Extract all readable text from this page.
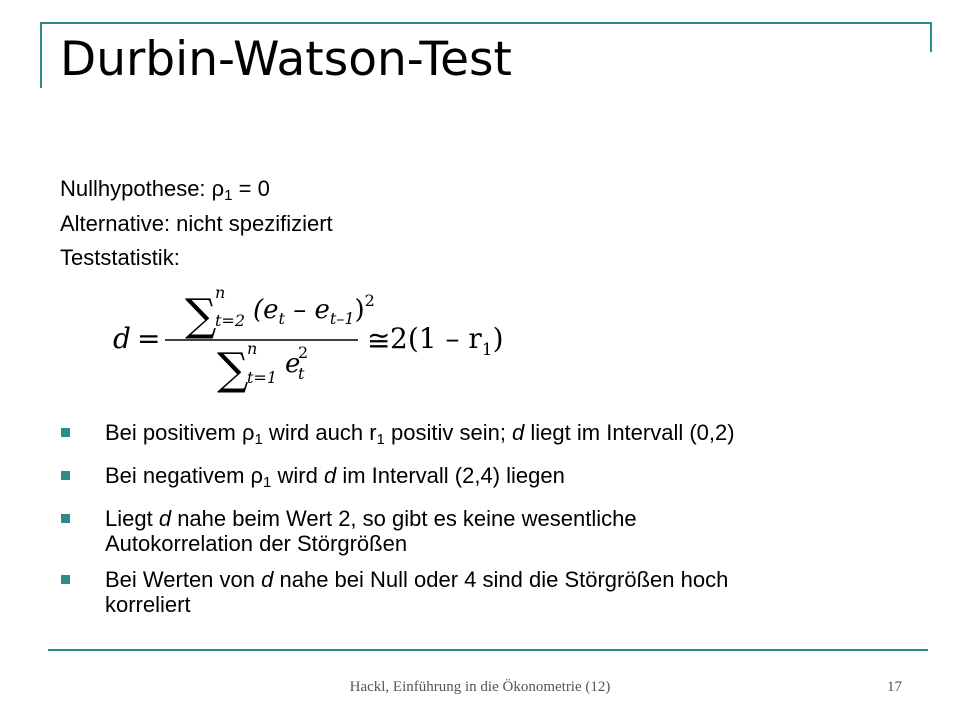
Durbin-Watson-Test
Nullhypothese: $\rho_1 = 0$
Alternative: nicht spezifiziert
Teststatistik:
d = ∑
n
t=2 $(e_t - e_{t-1})^2$
∑
n
t=1 e
2
t
≅ $2(1 - r_1)$
Bei positivem $\rho_1$ wird auch $r_1$ positiv sein; d liegt im Intervall (0,2)
Bei negativem $\rho_1$ wird d im Intervall (2,4) liegen
Liegt d nahe beim Wert 2, so gibt es keine wesentliche
Autokorrelation der Störgrößen
Bei Werten von d nahe bei Null oder 4 sind die Störgrößen hoch
korreliert
Hackl, Einführung in die Ökonometrie (12)	17
